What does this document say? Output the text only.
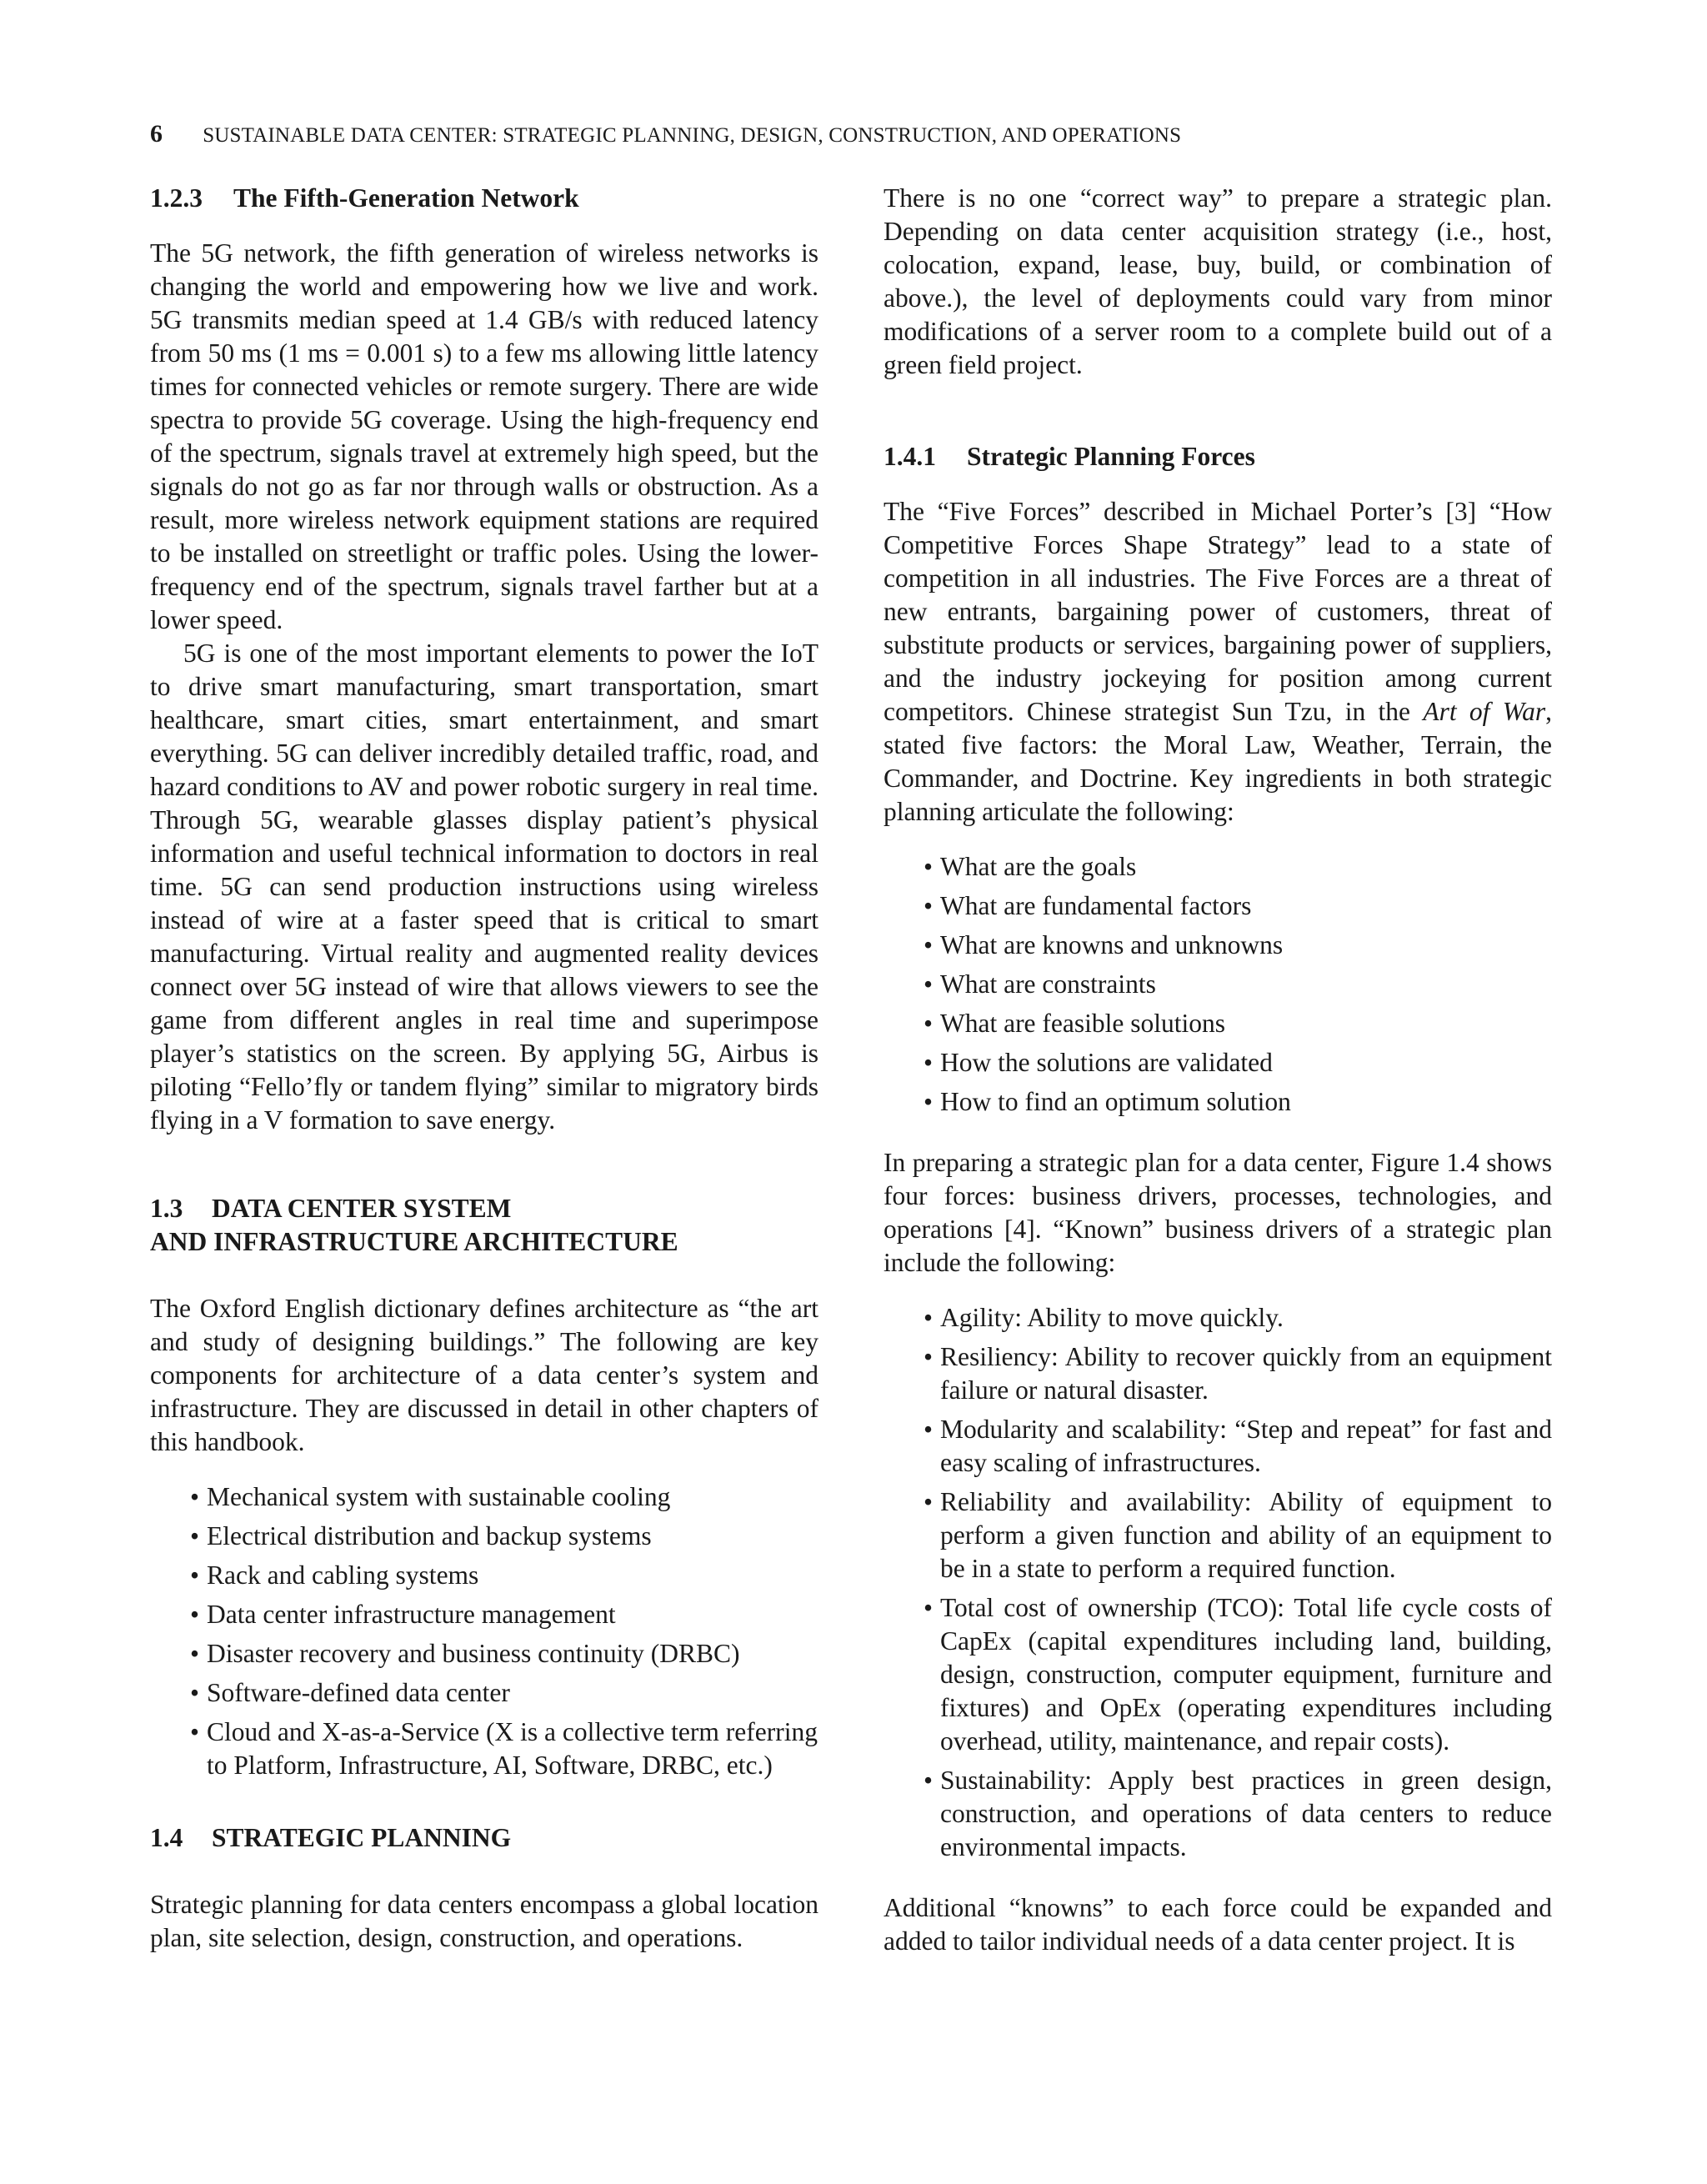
6 SUSTAINABLE DATA CENTER: STRATEGIC PLANNING, DESIGN, CONSTRUCTION, AND OPERATIONS
1.2.3 The Fifth-Generation Network

The 5G network, the fifth generation of wireless networks is changing the world and empowering how we live and work. 5G transmits median speed at 1.4 GB/s with reduced latency from 50 ms (1 ms = 0.001 s) to a few ms allowing little latency times for connected vehicles or remote surgery. There are wide spectra to provide 5G coverage. Using the high-frequency end of the spectrum, signals travel at extremely high speed, but the signals do not go as far nor through walls or obstruction. As a result, more wireless network equipment stations are required to be installed on streetlight or traffic poles. Using the lower-frequency end of the spectrum, signals travel farther but at a lower speed.

5G is one of the most important elements to power the IoT to drive smart manufacturing, smart transportation, smart healthcare, smart cities, smart entertainment, and smart everything. 5G can deliver incredibly detailed traffic, road, and hazard conditions to AV and power robotic surgery in real time. Through 5G, wearable glasses display patient’s physical information and useful technical information to doctors in real time. 5G can send production instructions using wireless instead of wire at a faster speed that is critical to smart manufacturing. Virtual reality and augmented reality devices connect over 5G instead of wire that allows viewers to see the game from different angles in real time and superimpose player’s statistics on the screen. By applying 5G, Airbus is piloting “Fello’fly or tandem flying” similar to migratory birds flying in a V formation to save energy.

1.3 DATA CENTER SYSTEM
AND INFRASTRUCTURE ARCHITECTURE

The Oxford English dictionary defines architecture as “the art and study of designing buildings.” The following are key components for architecture of a data center’s system and infrastructure. They are discussed in detail in other chapters of this handbook.

• Mechanical system with sustainable cooling
• Electrical distribution and backup systems
• Rack and cabling systems
• Data center infrastructure management
• Disaster recovery and business continuity (DRBC)
• Software-defined data center
• Cloud and X-as-a-Service (X is a collective term referring to Platform, Infrastructure, AI, Software, DRBC, etc.)
1.4 STRATEGIC PLANNING

Strategic planning for data centers encompass a global location plan, site selection, design, construction, and operations.

There is no one “correct way” to prepare a strategic plan. Depending on data center acquisition strategy (i.e., host, colocation, expand, lease, buy, build, or combination of above.), the level of deployments could vary from minor modifications of a server room to a complete build out of a green field project.

1.4.1 Strategic Planning Forces

The “Five Forces” described in Michael Porter’s [3] “How Competitive Forces Shape Strategy” lead to a state of competition in all industries. The Five Forces are a threat of new entrants, bargaining power of customers, threat of substitute products or services, bargaining power of suppliers, and the industry jockeying for position among current competitors. Chinese strategist Sun Tzu, in the Art of War, stated five factors: the Moral Law, Weather, Terrain, the Commander, and Doctrine. Key ingredients in both strategic planning articulate the following:

• What are the goals
• What are fundamental factors
• What are knowns and unknowns
• What are constraints
• What are feasible solutions
• How the solutions are validated
• How to find an optimum solution

In preparing a strategic plan for a data center, Figure 1.4 shows four forces: business drivers, processes, technologies, and operations [4]. “Known” business drivers of a strategic plan include the following:

• Agility: Ability to move quickly.
• Resiliency: Ability to recover quickly from an equipment failure or natural disaster.
• Modularity and scalability: “Step and repeat” for fast and easy scaling of infrastructures.
• Reliability and availability: Ability of equipment to perform a given function and ability of an equipment to be in a state to perform a required function.
• Total cost of ownership (TCO): Total life cycle costs of CapEx (capital expenditures including land, building, design, construction, computer equipment, furniture and fixtures) and OpEx (operating expenditures including overhead, utility, maintenance, and repair costs).
• Sustainability: Apply best practices in green design, construction, and operations of data centers to reduce environmental impacts.

Additional “knowns” to each force could be expanded and added to tailor individual needs of a data center project. It is
